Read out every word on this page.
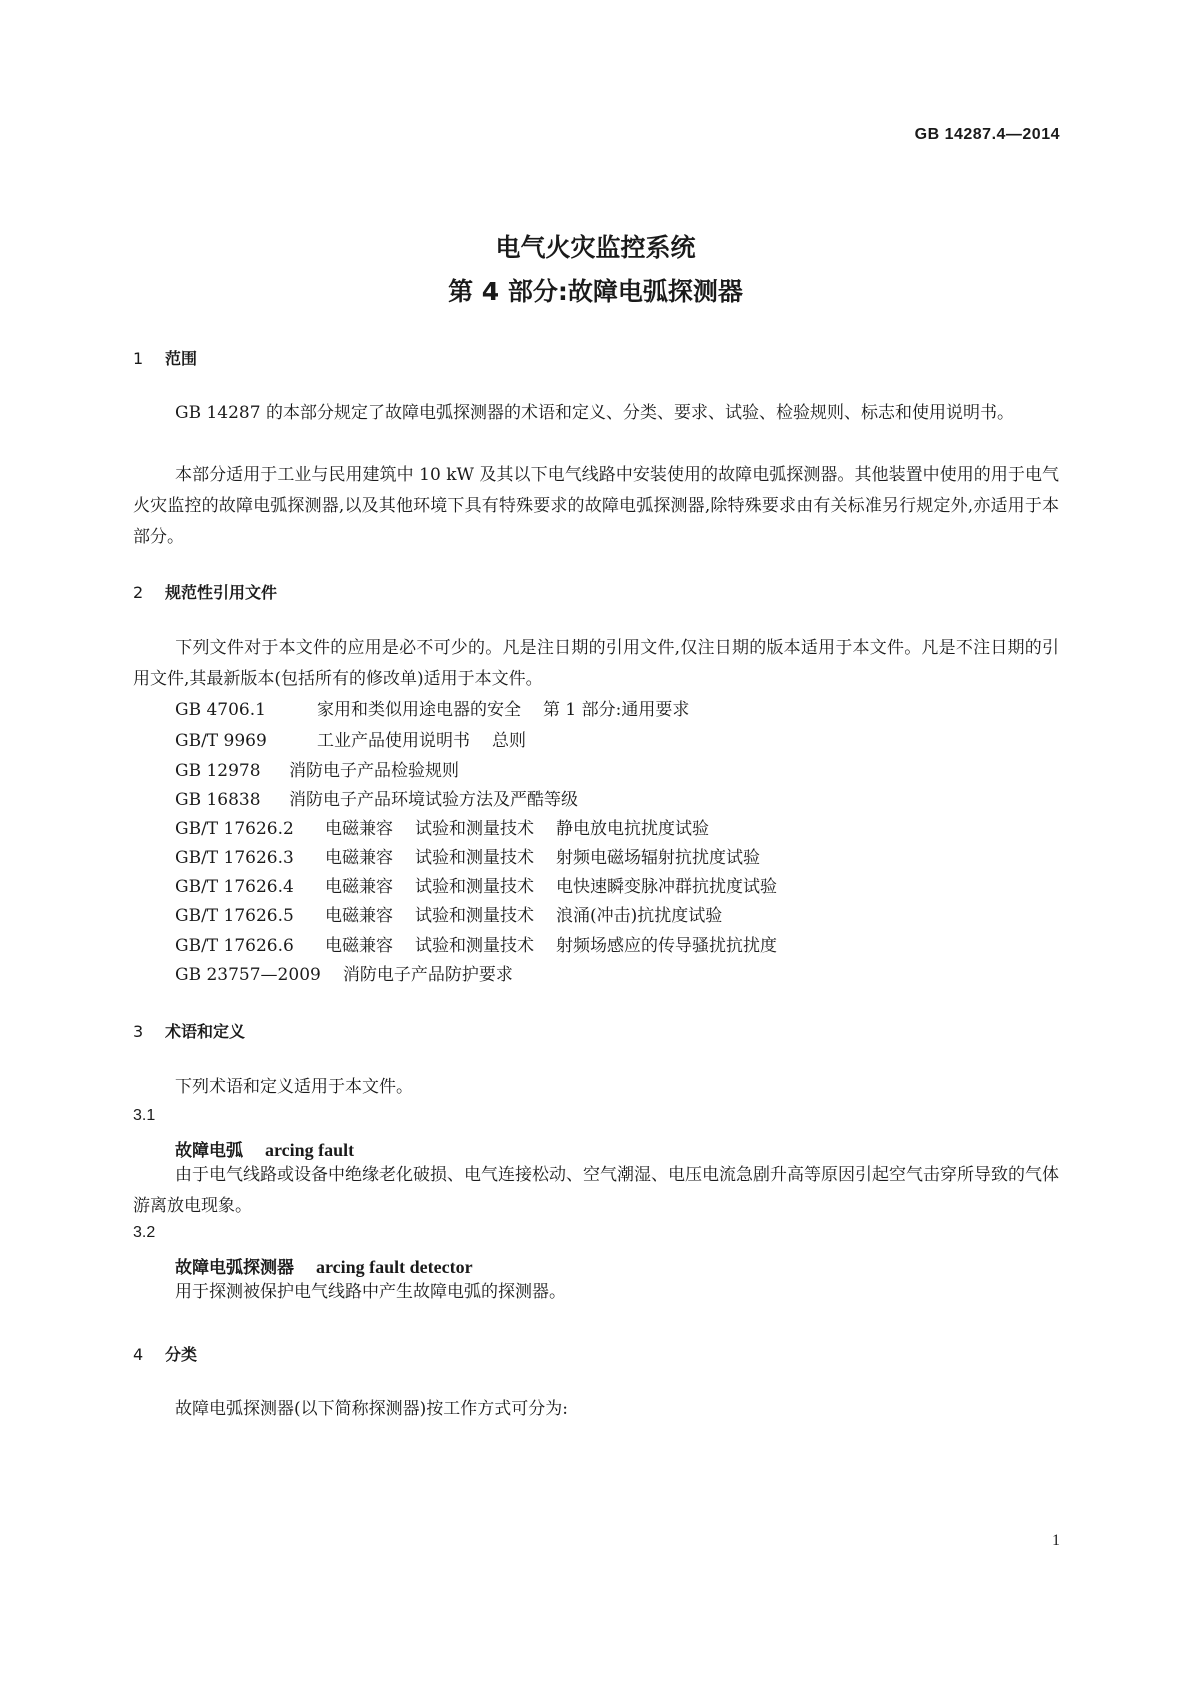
GB 14287.4—2014
电气火灾监控系统
第 4 部分:故障电弧探测器
1 范围
GB 14287 的本部分规定了故障电弧探测器的术语和定义、分类、要求、试验、检验规则、标志和使用说明书。
本部分适用于工业与民用建筑中 10 kW 及其以下电气线路中安装使用的故障电弧探测器。其他装置中使用的用于电气火灾监控的故障电弧探测器,以及其他环境下具有特殊要求的故障电弧探测器,除特殊要求由有关标准另行规定外,亦适用于本部分。
2 规范性引用文件
下列文件对于本文件的应用是必不可少的。凡是注日期的引用文件,仅注日期的版本适用于本文件。凡是不注日期的引用文件,其最新版本(包括所有的修改单)适用于本文件。
GB 4706.1	家用和类似用途电器的安全 第 1 部分:通用要求
GB/T 9969	工业产品使用说明书 总则
GB 12978 消防电子产品检验规则
GB 16838 消防电子产品环境试验方法及严酷等级
GB/T 17626.2 电磁兼容 试验和测量技术 静电放电抗扰度试验
GB/T 17626.3 电磁兼容 试验和测量技术 射频电磁场辐射抗扰度试验
GB/T 17626.4 电磁兼容 试验和测量技术 电快速瞬变脉冲群抗扰度试验
GB/T 17626.5 电磁兼容 试验和测量技术 浪涌(冲击)抗扰度试验
GB/T 17626.6 电磁兼容 试验和测量技术 射频场感应的传导骚扰抗扰度
GB 23757—2009 消防电子产品防护要求
3 术语和定义
下列术语和定义适用于本文件。
3.1
故障电弧 arcing fault
由于电气线路或设备中绝缘老化破损、电气连接松动、空气潮湿、电压电流急剧升高等原因引起空气击穿所导致的气体游离放电现象。
3.2
故障电弧探测器 arcing fault detector
用于探测被保护电气线路中产生故障电弧的探测器。
4 分类
故障电弧探测器(以下简称探测器)按工作方式可分为:
1
